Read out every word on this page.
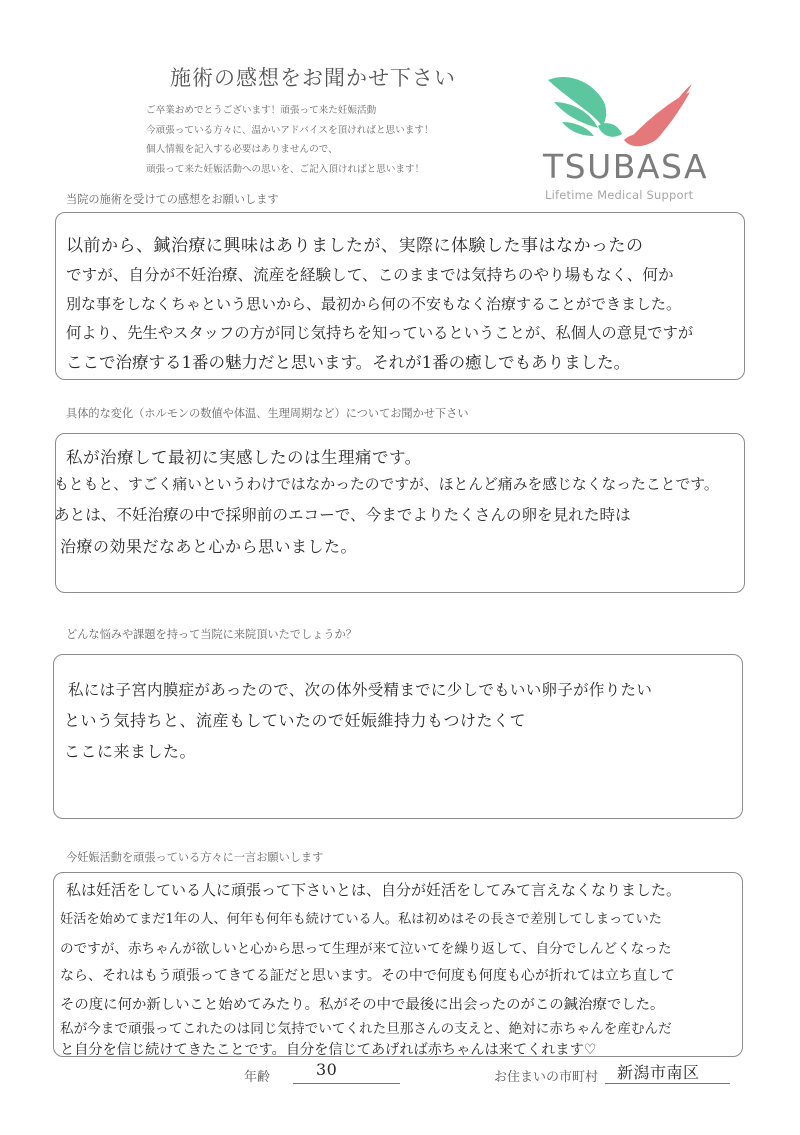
施術の感想をお聞かせ下さい
ご卒業おめでとうございます！頑張って来た妊娠活動
今頑張っている方々に、温かいアドバイスを頂ければと思います！
個人情報を記入する必要はありませんので、
頑張って来た妊娠活動への思いを、ご記入頂ければと思います！	TSUBASA
Lifetime Medical Support
当院の施術を受けての感想をお願いします
以前から、鍼治療に興味はありましたが、実際に体験した事はなかったの
ですが、自分が不妊治療、流産を経験して、このままでは気持ちのやり場もなく、何か
別な事をしなくちゃという思いから、最初から何の不安もなく治療することができました。
何より、先生やスタッフの方が同じ気持ちを知っているということが、私個人の意見ですが
ここで治療する1番の魅力だと思います。それが1番の癒しでもありました。
具体的な変化（ホルモンの数値や体温、生理周期など）についてお聞かせ下さい
私が治療して最初に実感したのは生理痛です。
もともと、すごく痛いというわけではなかったのですが、ほとんど痛みを感じなくなったことです。
あとは、不妊治療の中で採卵前のエコーで、今までよりたくさんの卵を見れた時は
治療の効果だなあと心から思いました。
どんな悩みや課題を持って当院に来院頂いたでしょうか？
私には子宮内膜症があったので、次の体外受精までに少しでもいい卵子が作りたい
という気持ちと、流産もしていたので妊娠維持力もつけたくて
ここに来ました。
今妊娠活動を頑張っている方々に一言お願いします
私は妊活をしている人に頑張って下さいとは、自分が妊活をしてみて言えなくなりました。
妊活を始めてまだ1年の人、何年も何年も続けている人。私は初めはその長さで差別してしまっていた
のですが、赤ちゃんが欲しいと心から思って生理が来て泣いてを繰り返して、自分でしんどくなった
なら、それはもう頑張ってきてる証だと思います。その中で何度も何度も心が折れては立ち直して
その度に何か新しいこと始めてみたり。私がその中で最後に出会ったのがこの鍼治療でした。
私が今まで頑張ってこれたのは同じ気持でいてくれた旦那さんの支えと、絶対に赤ちゃんを産むんだ
と自分を信じ続けてきたことです。自分を信じてあげれば赤ちゃんは来てくれます♡
年齢	30	お住まいの市町村 新潟市南区
